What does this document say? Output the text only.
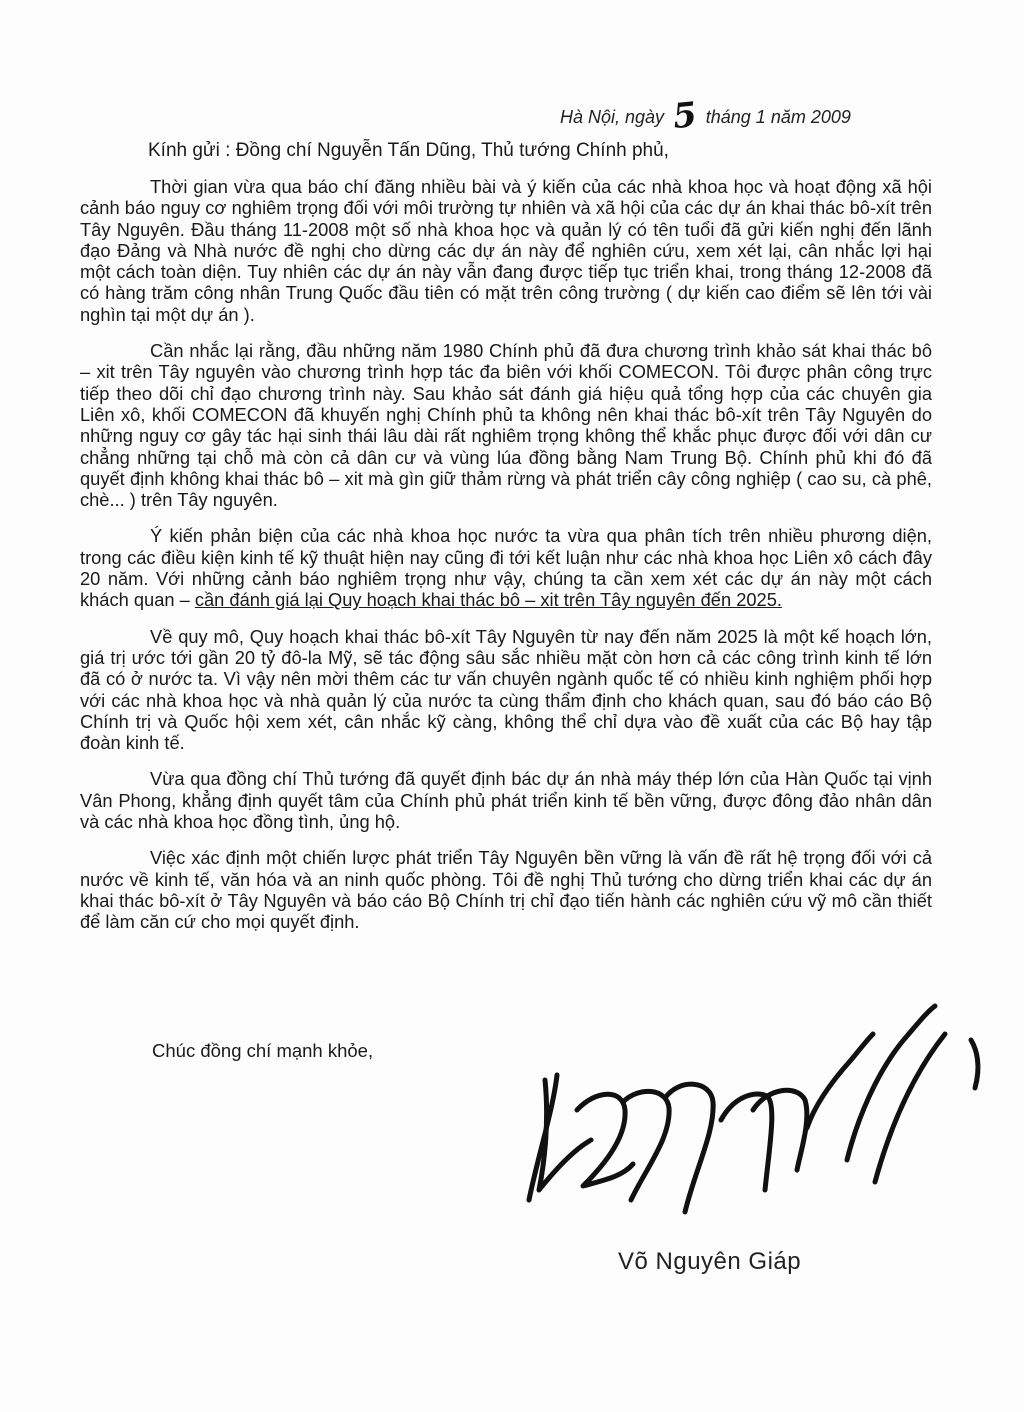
Hà Nội, ngày 5 tháng 1 năm 2009
Kính gửi : Đồng chí Nguyễn Tấn Dũng, Thủ tướng Chính phủ,

Thời gian vừa qua báo chí đăng nhiều bài và ý kiến của các nhà khoa học và hoạt động xã hội cảnh báo nguy cơ nghiêm trọng đối với môi trường tự nhiên và xã hội của các dự án khai thác bô-xít trên Tây Nguyên. Đầu tháng 11-2008 một số nhà khoa học và quản lý có tên tuổi đã gửi kiến nghị đến lãnh đạo Đảng và Nhà nước đề nghị cho dừng các dự án này để nghiên cứu, xem xét lại, cân nhắc lợi hại một cách toàn diện. Tuy nhiên các dự án này vẫn đang được tiếp tục triển khai, trong tháng 12-2008 đã có hàng trăm công nhân Trung Quốc đầu tiên có mặt trên công trường ( dự kiến cao điểm sẽ lên tới vài nghìn tại một dự án ).

Cần nhắc lại rằng, đầu những năm 1980 Chính phủ đã đưa chương trình khảo sát khai thác bô – xit trên Tây nguyên vào chương trình hợp tác đa biên với khối COMECON. Tôi được phân công trực tiếp theo dõi chỉ đạo chương trình này. Sau khảo sát đánh giá hiệu quả tổng hợp của các chuyên gia Liên xô, khối COMECON đã khuyến nghị Chính phủ ta không nên khai thác bô-xít trên Tây Nguyên do những nguy cơ gây tác hại sinh thái lâu dài rất nghiêm trọng không thể khắc phục được đối với dân cư chẳng những tại chỗ mà còn cả dân cư và vùng lúa đồng bằng Nam Trung Bộ. Chính phủ khi đó đã quyết định không khai thác bô – xit mà gìn giữ thảm rừng và phát triển cây công nghiệp ( cao su, cà phê, chè... ) trên Tây nguyên.

Ý kiến phản biện của các nhà khoa học nước ta vừa qua phân tích trên nhiều phương diện, trong các điều kiện kinh tế kỹ thuật hiện nay cũng đi tới kết luận như các nhà khoa học Liên xô cách đây 20 năm. Với những cảnh báo nghiêm trọng như vậy, chúng ta cần xem xét các dự án này một cách khách quan – cần đánh giá lại Quy hoạch khai thác bô – xit trên Tây nguyên đến 2025.

Về quy mô, Quy hoạch khai thác bô-xít Tây Nguyên từ nay đến năm 2025 là một kế hoạch lớn, giá trị ước tới gần 20 tỷ đô-la Mỹ, sẽ tác động sâu sắc nhiều mặt còn hơn cả các công trình kinh tế lớn đã có ở nước ta. Vì vậy nên mời thêm các tư vấn chuyên ngành quốc tế có nhiều kinh nghiệm phối hợp với các nhà khoa học và nhà quản lý của nước ta cùng thẩm định cho khách quan, sau đó báo cáo Bộ Chính trị và Quốc hội xem xét, cân nhắc kỹ càng, không thể chỉ dựa vào đề xuất của các Bộ hay tập đoàn kinh tế.

Vừa qua đồng chí Thủ tướng đã quyết định bác dự án nhà máy thép lớn của Hàn Quốc tại vịnh Vân Phong, khẳng định quyết tâm của Chính phủ phát triển kinh tế bền vững, được đông đảo nhân dân và các nhà khoa học đồng tình, ủng hộ.

Việc xác định một chiến lược phát triển Tây Nguyên bền vững là vấn đề rất hệ trọng đối với cả nước về kinh tế, văn hóa và an ninh quốc phòng. Tôi đề nghị Thủ tướng cho dừng triển khai các dự án khai thác bô-xít ở Tây Nguyên và báo cáo Bộ Chính trị chỉ đạo tiến hành các nghiên cứu vỹ mô cần thiết để làm căn cứ cho mọi quyết định.

Chúc đồng chí mạnh khỏe,
Võ Nguyên Giáp
